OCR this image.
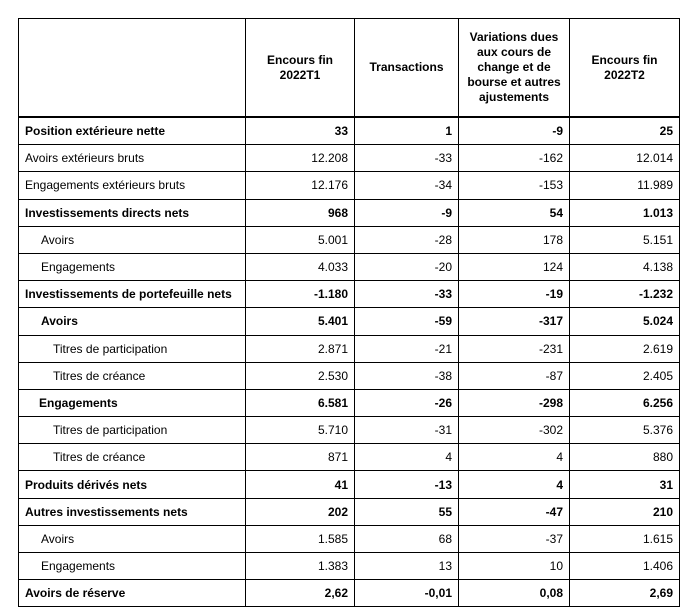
	Encours fin 2022T1	Transactions	Variations dues aux cours de change et de bourse et autres ajustements	Encours fin 2022T2
Position extérieure nette	33	1	-9	25
Avoirs extérieurs bruts	12.208	-33	-162	12.014
Engagements extérieurs bruts	12.176	-34	-153	11.989
Investissements directs nets	968	-9	54	1.013
Avoirs	5.001	-28	178	5.151
Engagements	4.033	-20	124	4.138
Investissements de portefeuille nets	-1.180	-33	-19	-1.232
Avoirs	5.401	-59	-317	5.024
Titres de participation	2.871	-21	-231	2.619
Titres de créance	2.530	-38	-87	2.405
Engagements	6.581	-26	-298	6.256
Titres de participation	5.710	-31	-302	5.376
Titres de créance	871	4	4	880
Produits dérivés nets	41	-13	4	31
Autres investissements nets	202	55	-47	210
Avoirs	1.585	68	-37	1.615
Engagements	1.383	13	10	1.406
Avoirs de réserve	2,62	-0,01	0,08	2,69
